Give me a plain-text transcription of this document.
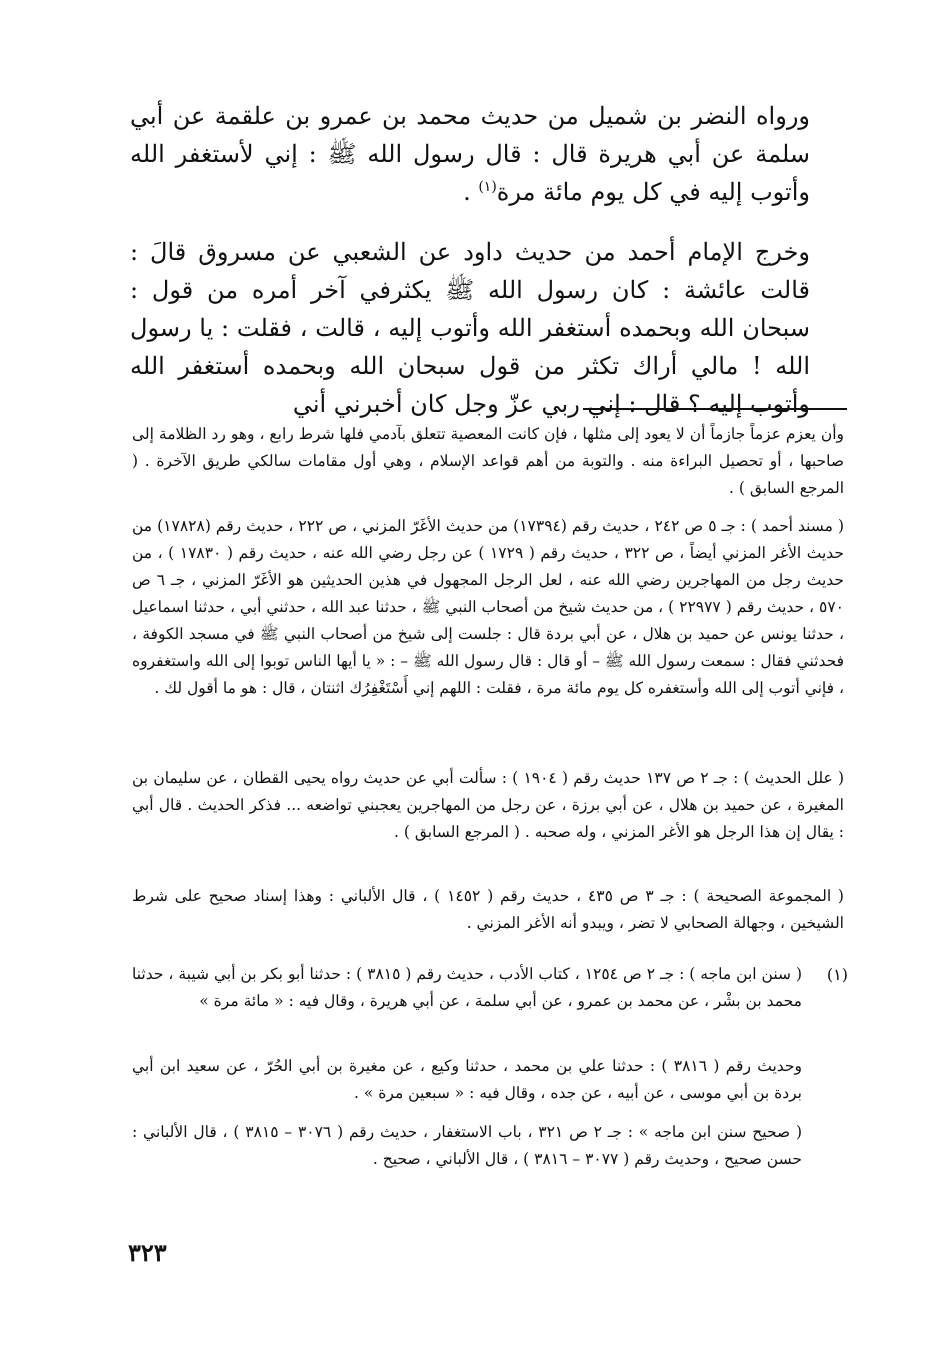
ورواه النضر بن شميل من حديث محمد بن عمرو بن علقمة عن أبي سلمة عن أبي هريرة قال : قال رسول الله ﷺ : إني لأستغفر الله وأتوب إليه في كل يوم مائة مرة$^{(١)}$ .

وخرج الإمام أحمد من حديث داود عن الشعبي عن مسروق قالَ : قالت عائشة : كان رسول الله ﷺ يكثرفي آخر أمره من قول : سبحان الله وبحمده أستغفر الله وأتوب إليه ، قالت ، فقلت : يا رسول الله ! مالي أراك تكثر من قول سبحان الله وبحمده أستغفر الله وأتوب إليه ؟ قال : إني ربي عزّ وجل كان أخبرني أني

وأن يعزم عزماً جازماً أن لا يعود إلى مثلها ، فإن كانت المعصية تتعلق بآدمي فلها شرط رابع ، وهو رد الظلامة إلى صاحبها ، أو تحصيل البراءة منه . والتوبة من أهم قواعد الإسلام ، وهي أول مقامات سالكي طريق الآخرة . ( المرجع السابق ) .

( مسند أحمد ) : جـ ٥ ص ٢٤٢ ، حديث رقم (١٧٣٩٤) من حديث الأغَرّ المزني ، ص ٢٢٢ ، حديث رقم (١٧٨٢٨) من حديث الأغر المزني أيضاً ، ص ٣٢٢ ، حديث رقم ( ١٧٢٩ ) عن رجل رضي الله عنه ، حديث رقم ( ١٧٨٣٠ ) ، من حديث رجل من المهاجرين رضي الله عنه ، لعل الرجل المجهول في هذين الحديثين هو الأغَرّ المزني ، جـ ٦ ص ٥٧٠ ، حديث رقم ( ٢٢٩٧٧ ) ، من حديث شيخ من أصحاب النبي ﷺ ، حدثنا عبد الله ، حدثني أبي ، حدثنا اسماعيل ، حدثنا يونس عن حميد بن هلال ، عن أبي بردة قال : جلست إلى شيخ من أصحاب النبي ﷺ في مسجد الكوفة ، فحدثني فقال : سمعت رسول الله ﷺ – أو قال : قال رسول الله ﷺ – : « يا أيها الناس توبوا إلى الله واستغفروه ، فإني أتوب إلى الله وأستغفره كل يوم مائة مرة ، فقلت : اللهم إني أَسْتَغْفِرُك اثنتان ، قال : هو ما أقول لك .

( علل الحديث ) : جـ ٢ ص ١٣٧ حديث رقم ( ١٩٠٤ ) : سألت أبي عن حديث رواه يحيى القطان ، عن سليمان بن المغيرة ، عن حميد بن هلال ، عن أبي برزة ، عن رجل من المهاجرين يعجبني تواضعه ... فذكر الحديث . قال أبي : يقال إن هذا الرجل هو الأغر المزني ، وله صحبه . ( المرجع السابق ) .

( المجموعة الصحيحة ) : جـ ٣ ص ٤٣٥ ، حديث رقم ( ١٤٥٢ ) ، قال الألباني : وهذا إسناد صحيح على شرط الشيخين ، وجهالة الصحابي لا تضر ، ويبدو أنه الأغر المزني .

(١)

( سنن ابن ماجه ) : جـ ٢ ص ١٢٥٤ ، كتاب الأدب ، حديث رقم ( ٣٨١٥ ) : حدثنا أبو بكر بن أبي شيبة ، حدثنا محمد بن بشْر ، عن محمد بن عمرو ، عن أبي سلمة ، عن أبي هريرة ، وقال فيه : « مائة مرة »

وحديث رقم ( ٣٨١٦ ) : حدثنا علي بن محمد ، حدثنا وكيع ، عن مغيرة بن أبي الحُرّ ، عن سعيد ابن أبي بردة بن أبي موسى ، عن أبيه ، عن جده ، وقال فيه : « سبعين مرة » .

( صحيح سنن ابن ماجه » : جـ ٢ ص ٣٢١ ، باب الاستغفار ، حديث رقم ( ٣٠٧٦ – ٣٨١٥ ) ، قال الألباني : حسن صحيح ، وحديث رقم ( ٣٠٧٧ – ٣٨١٦ ) ، قال الألباني ، صحيح .

٣٢٣
